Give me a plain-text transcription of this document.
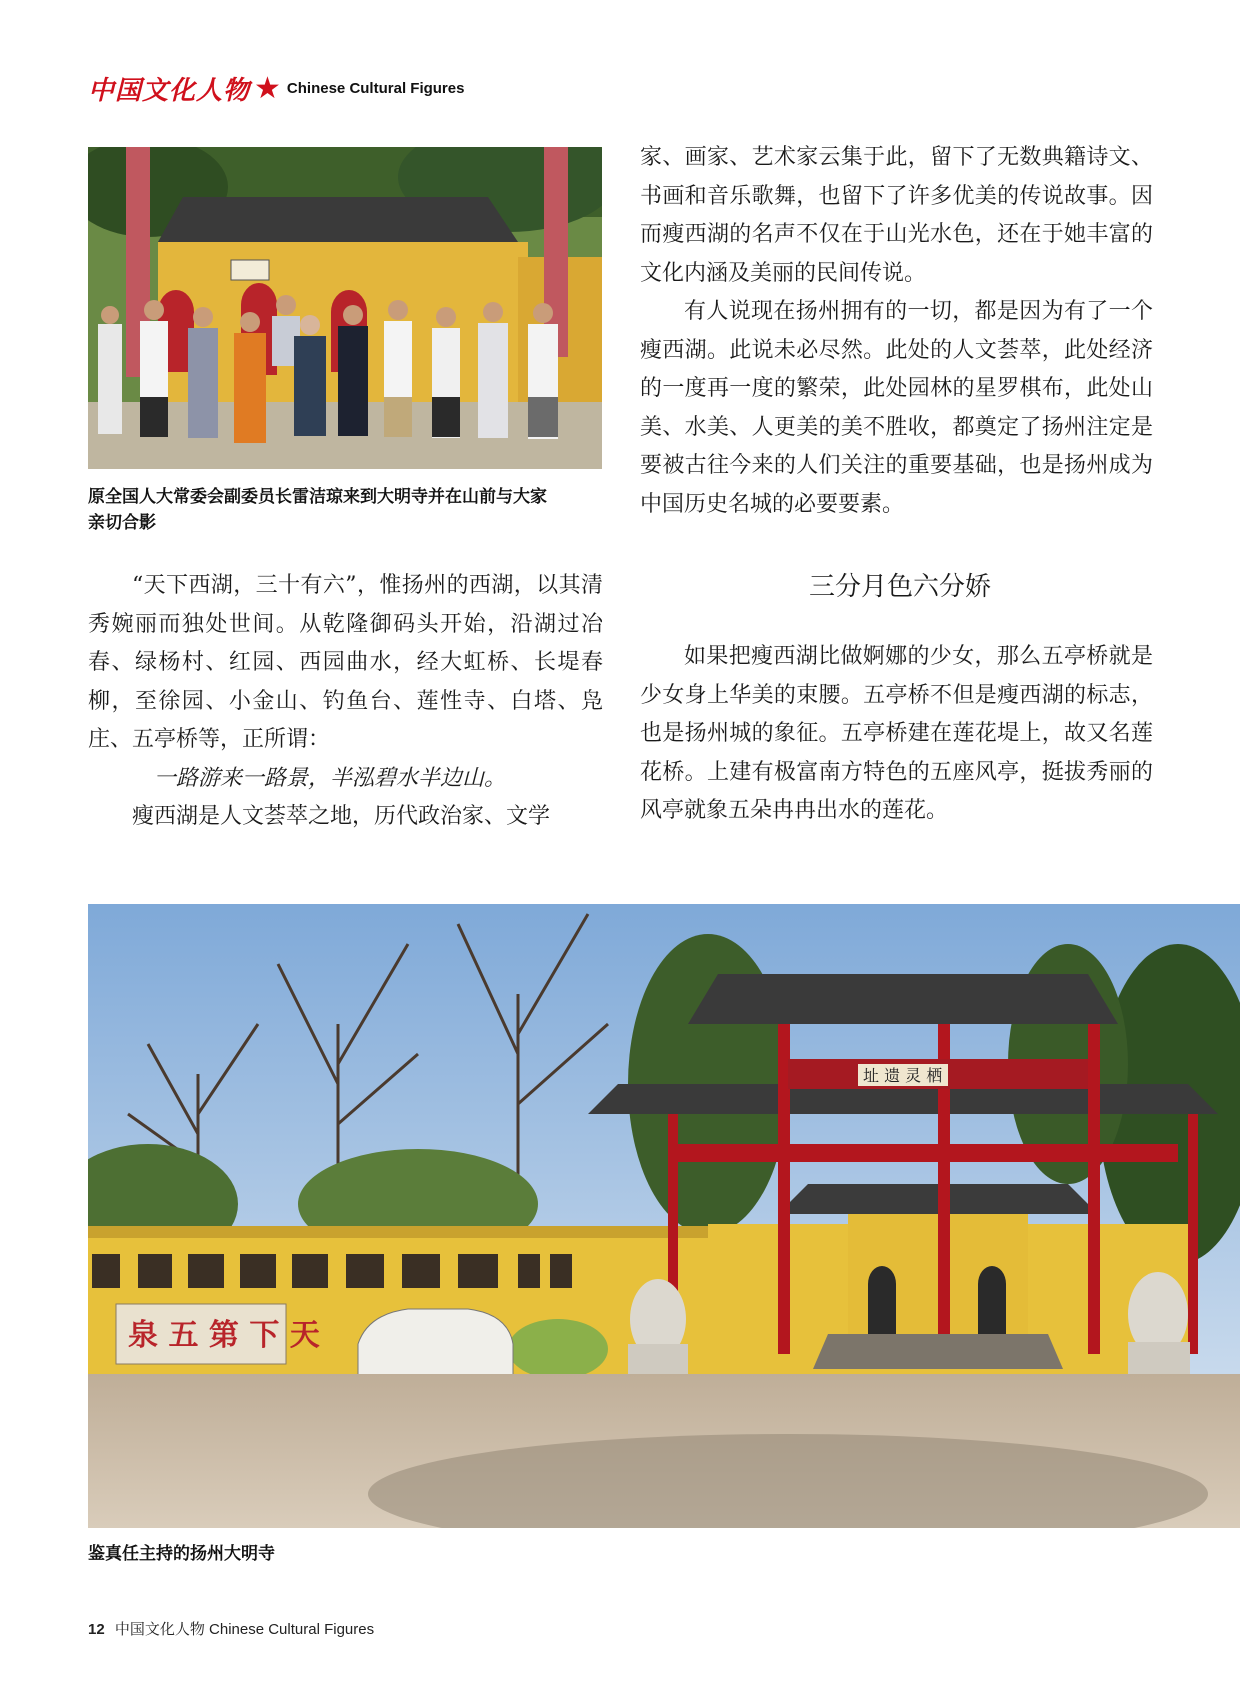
中国文化人物 ★ Chinese Cultural Figures
原全国人大常委会副委员长雷洁琼来到大明寺并在山前与大家
亲切合影

“天下西湖，三十有六”，惟扬州的西湖，以其清秀婉丽而独处世间。从乾隆御码头开始，沿湖过冶春、绿杨村、红园、西园曲水，经大虹桥、长堤春柳，至徐园、小金山、钓鱼台、莲性寺、白塔、凫庄、五亭桥等，正所谓：

一路游来一路景，半泓碧水半边山。

瘦西湖是人文荟萃之地，历代政治家、文学

家、画家、艺术家云集于此，留下了无数典籍诗文、书画和音乐歌舞，也留下了许多优美的传说故事。因而瘦西湖的名声不仅在于山光水色，还在于她丰富的文化内涵及美丽的民间传说。

有人说现在扬州拥有的一切，都是因为有了一个瘦西湖。此说未必尽然。此处的人文荟萃，此处经济的一度再一度的繁荣，此处园林的星罗棋布，此处山美、水美、人更美的美不胜收，都奠定了扬州注定是要被古往今来的人们关注的重要基础，也是扬州成为中国历史名城的必要要素。

三分月色六分娇

如果把瘦西湖比做婀娜的少女，那么五亭桥就是少女身上华美的束腰。五亭桥不但是瘦西湖的标志，也是扬州城的象征。五亭桥建在莲花堤上，故又名莲花桥。上建有极富南方特色的五座风亭，挺拔秀丽的风亭就象五朵冉冉出水的莲花。

泉 五 第 下 天
址 遗 灵 栖
鉴真任主持的扬州大明寺
12 中国文化人物 Chinese Cultural Figures
